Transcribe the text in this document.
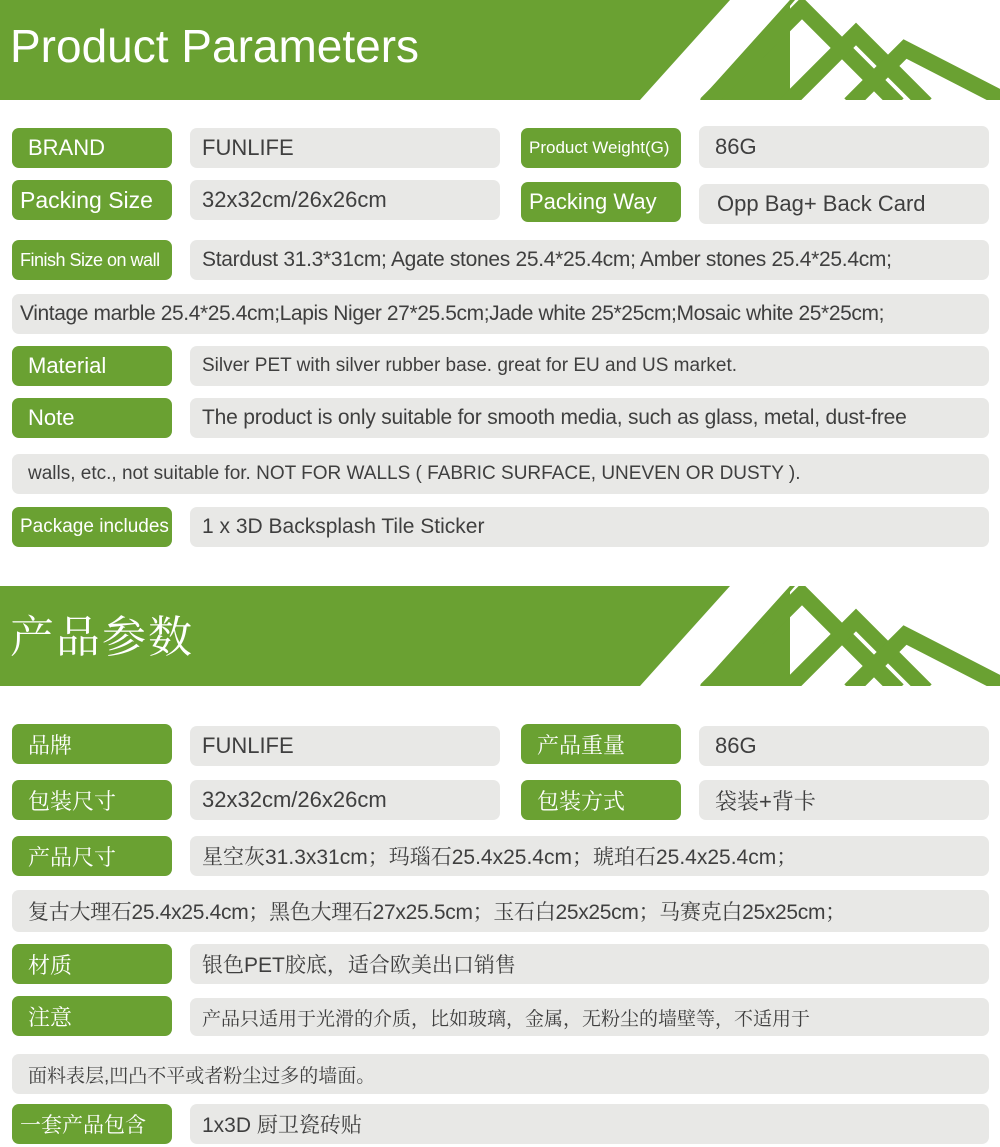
Product Parameters
BRAND	FUNLIFE	Product Weight(G)	86G
Packing Size	32x32cm/26x26cm	Packing Way	Opp Bag+ Back Card
Finish Size on wall	Stardust 31.3*31cm; Agate stones 25.4*25.4cm; Amber stones 25.4*25.4cm;
Vintage marble 25.4*25.4cm;Lapis Niger 27*25.5cm;Jade white 25*25cm;Mosaic white 25*25cm;
Material	Silver PET with silver rubber base. great for EU and US market.
Note	The product is only suitable for smooth media, such as glass, metal, dust-free
walls, etc., not suitable for. NOT FOR WALLS ( FABRIC SURFACE, UNEVEN OR DUSTY ).
Package includes	1 x 3D Backsplash Tile Sticker
产品参数
品牌	FUNLIFE	产品重量	86G
包装尺寸	32x32cm/26x26cm	包装方式	袋装+背卡
产品尺寸	星空灰31.3x31cm；玛瑙石25.4x25.4cm；琥珀石25.4x25.4cm；
复古大理石25.4x25.4cm；黑色大理石27x25.5cm；玉石白25x25cm；马赛克白25x25cm；
材质	银色PET胶底，适合欧美出口销售
注意	产品只适用于光滑的介质，比如玻璃，金属，无粉尘的墙壁等，不适用于
面料表层,凹凸不平或者粉尘过多的墙面。
一套产品包含	1x3D 厨卫瓷砖贴
